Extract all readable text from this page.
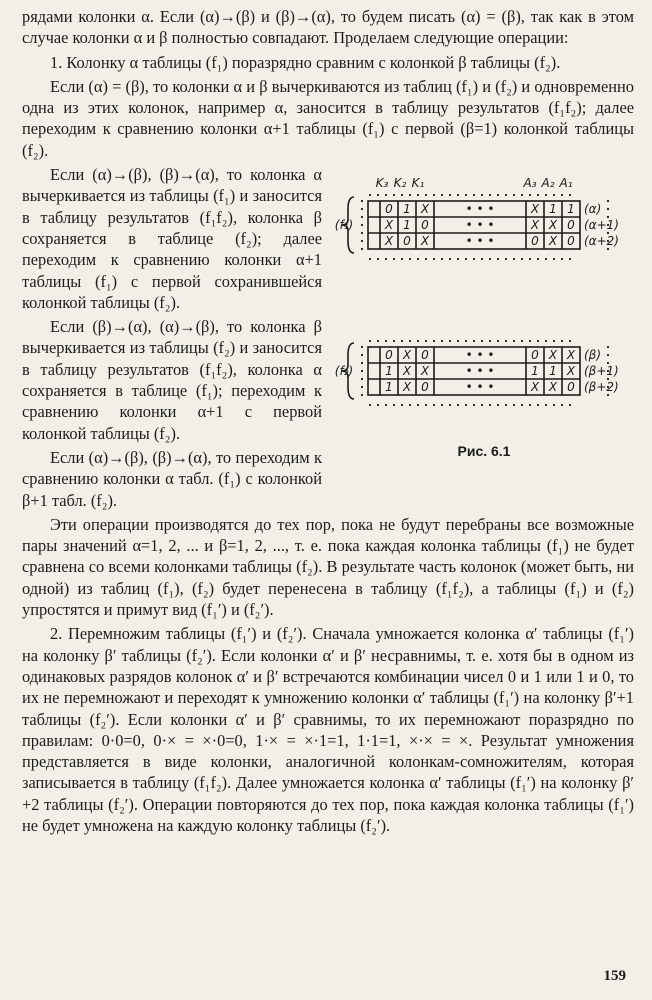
рядами колонки α. Если (α)→(β) и (β)→(α), то будем писать (α) = (β), так как в этом случае колонки α и β полностью совпадают. Проделаем следующие операции:

1. Колонку α таблицы (f₁) поразрядно сравним с колонкой β таблицы (f₂).

Если (α) = (β), то колонки α и β вычеркиваются из таблиц (f₁) и (f₂) и одновременно одна из этих колонок, например α, заносится в таблицу результатов (f₁f₂); далее переходим к сравнению колонки α+1 таблицы (f₁) с первой (β=1) колонкой таблицы (f₂).

K₃ K₂ K₁	A₃ A₂ A₁
(f₁)
0 1 X	• • •	X 1 1 (α)
X 1 0	• • •	X X 0 (α+1)
X 0 X	• • •	0 X 0 (α+2)
(f₂)
0 X 0	• • •	0 X X (β)
1 X X	• • •	1 1 X (β+1)
1 X 0	• • •	X X 0 (β+2)
Рис. 6.1

Если (α)→(β), (β)→(α), то колонка α вычеркивается из таблицы (f₁) и заносится в таблицу результатов (f₁f₂), колонка β сохраняется в таблице (f₂); далее переходим к сравнению колонки α+1 таблицы (f₁) с первой сохранившейся колонкой таблицы (f₂).

Если (β)→(α), (α)→(β), то колонка β вычеркивается из таблицы (f₂) и заносится в таблицу результатов (f₁f₂), колонка α сохраняется в таблице (f₁); переходим к сравнению колонки α+1 с первой колонкой таблицы (f₂).

Если (α)→(β), (β)→(α), то переходим к сравнению колонки α табл. (f₁) с колонкой β+1 табл. (f₂).

Эти операции производятся до тех пор, пока не будут перебраны все возможные пары значений α=1, 2, ... и β=1, 2, ..., т. е. пока каждая колонка таблицы (f₁) не будет сравнена со всеми колонками таблицы (f₂). В результате часть колонок (может быть, ни одной) из таблиц (f₁), (f₂) будет перенесена в таблицу (f₁f₂), а таблицы (f₁) и (f₂) упростятся и примут вид (f₁′) и (f₂′).

2. Перемножим таблицы (f₁′) и (f₂′). Сначала умножается колонка α′ таблицы (f₁′) на колонку β′ таблицы (f₂′). Если колонки α′ и β′ несравнимы, т. е. хотя бы в одном из одинаковых разрядов колонок α′ и β′ встречаются комбинации чисел 0 и 1 или 1 и 0, то их не перемножают и переходят к умножению колонки α′ таблицы (f₁′) на колонку β′+1 таблицы (f₂′). Если колонки α′ и β′ сравнимы, то их перемножают поразрядно по правилам: 0·0=0, 0·× = ×·0=0, 1·× = ×·1=1, 1·1=1, ×·× = ×. Результат умножения представляется в виде колонки, аналогичной колонкам-сомножителям, которая записывается в таблицу (f₁f₂). Далее умножается колонка α′ таблицы (f₁′) на колонку β′+2 таблицы (f₂′). Операции повторяются до тех пор, пока каждая колонка таблицы (f₁′) не будет умножена на каждую колонку таблицы (f₂′).

159
